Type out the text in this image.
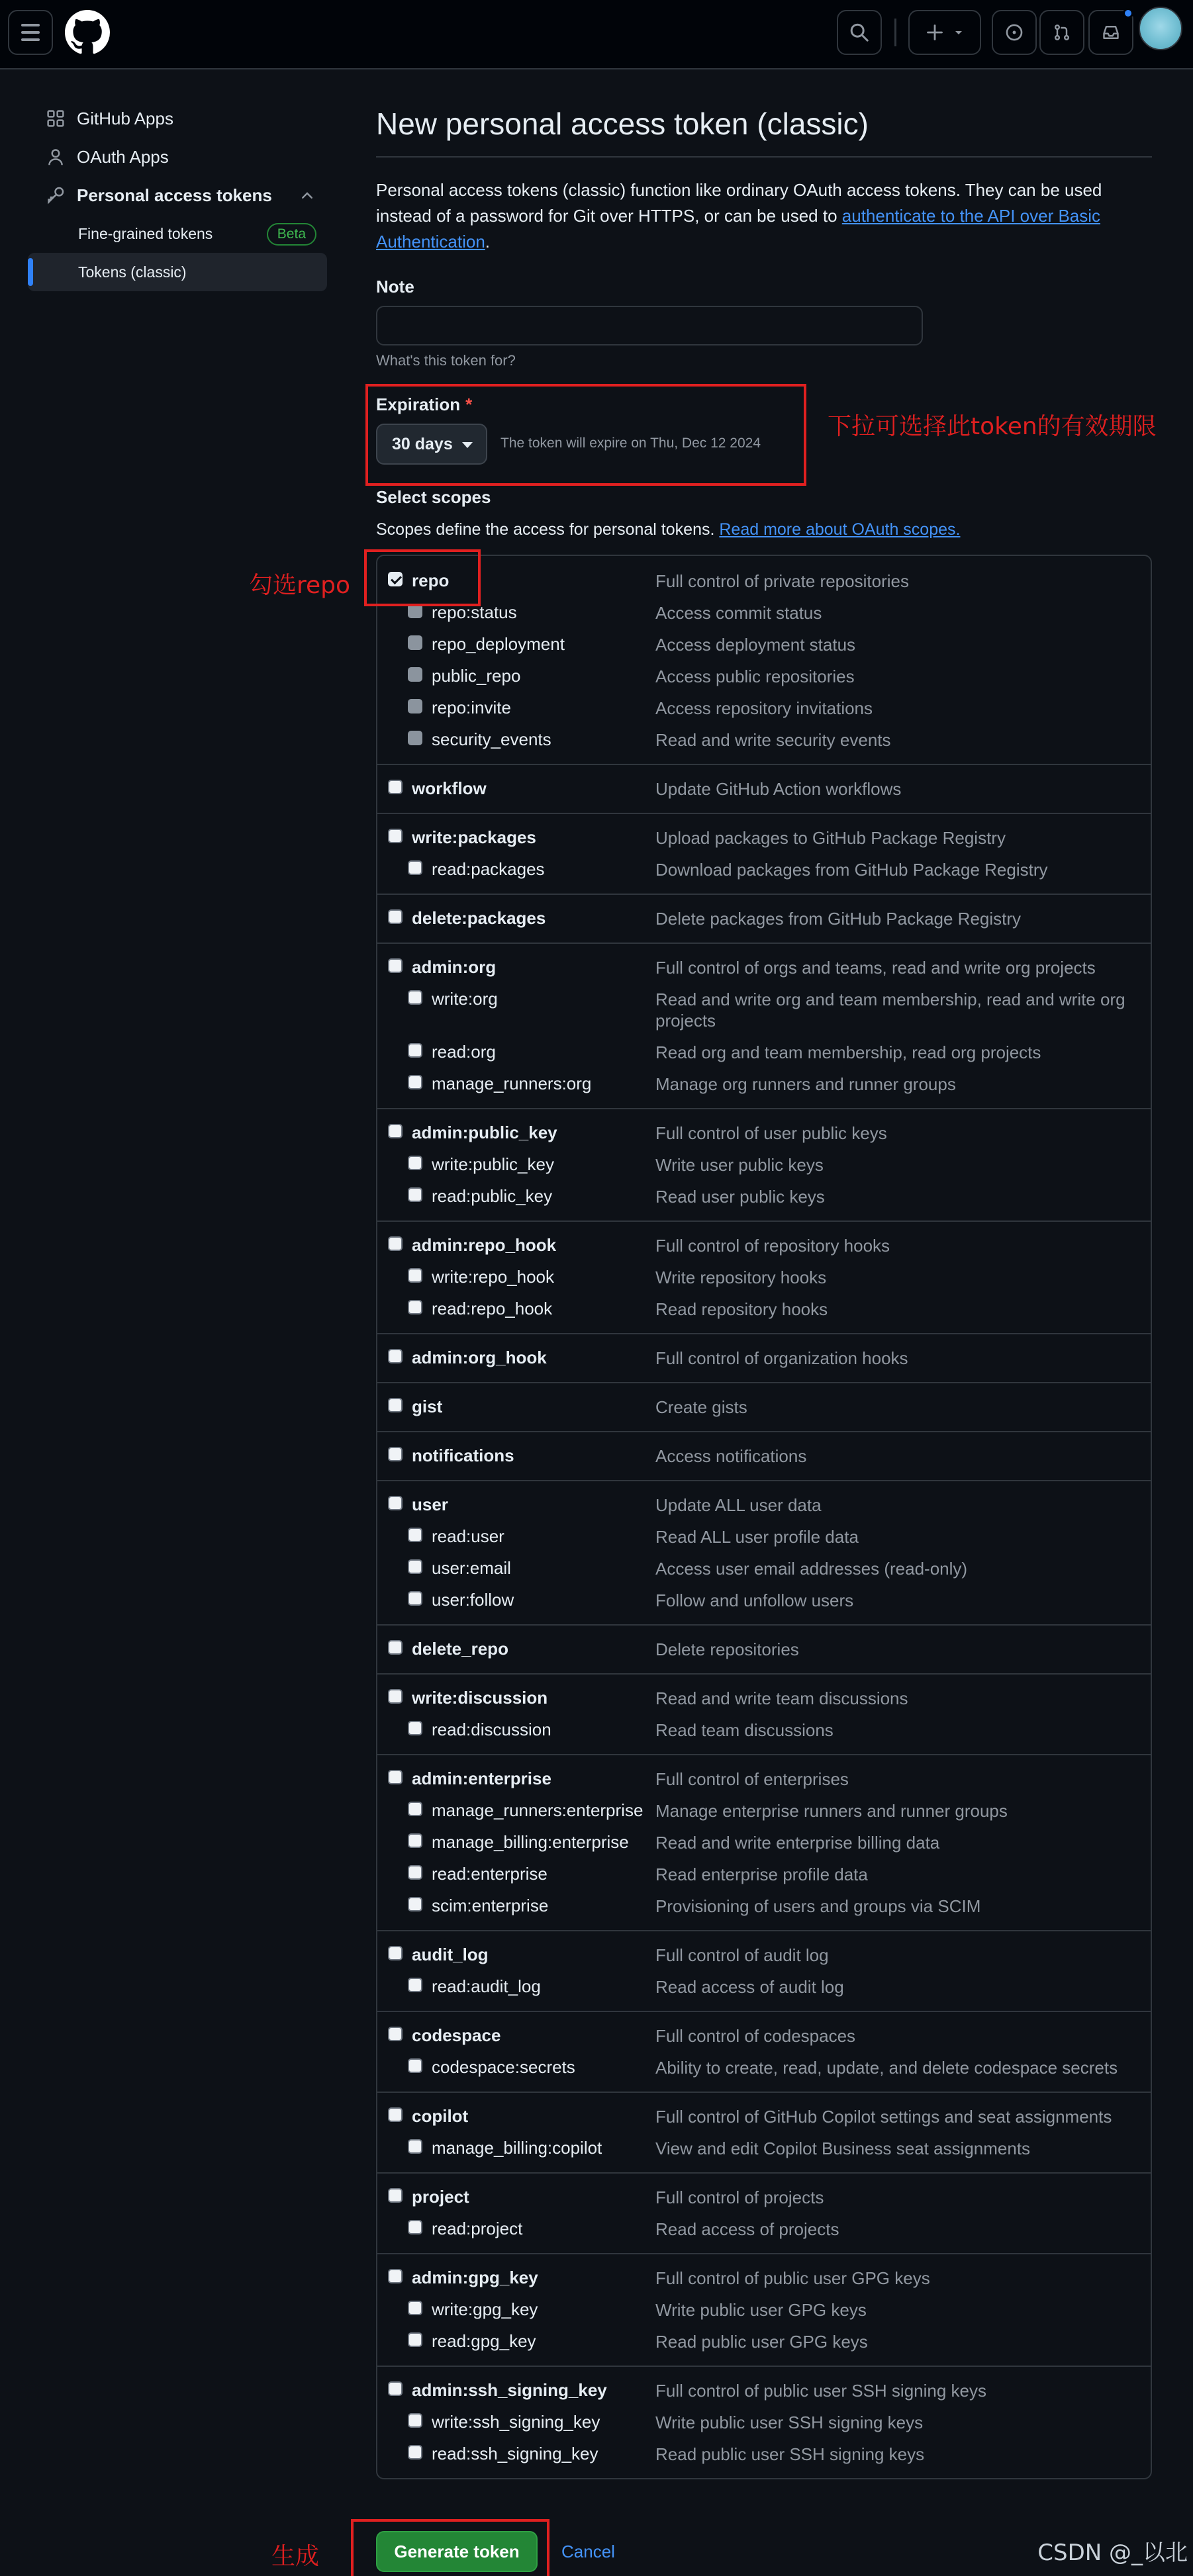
GitHub Apps
OAuth Apps
Personal access tokens
Fine-grained tokens	Beta
Tokens (classic)
New personal access token (classic)

Personal access tokens (classic) function like ordinary OAuth access tokens. They can be used instead of a password for Git over HTTPS, or can be used to authenticate to the API over Basic Authentication.

Note
What's this token for?
Expiration *
30 days	The token will expire on Thu, Dec 12 2024
Select scopes
Scopes define the access for personal tokens. Read more about OAuth scopes.
repo	Full control of private repositories
repo:status	Access commit status
repo_deployment	Access deployment status
public_repo	Access public repositories
repo:invite	Access repository invitations
security_events	Read and write security events
workflow	Update GitHub Action workflows
write:packages	Upload packages to GitHub Package Registry
read:packages	Download packages from GitHub Package Registry
delete:packages	Delete packages from GitHub Package Registry
admin:org	Full control of orgs and teams, read and write org projects
write:org	Read and write org and team membership, read and write org projects
read:org	Read org and team membership, read org projects
manage_runners:org	Manage org runners and runner groups
admin:public_key	Full control of user public keys
write:public_key	Write user public keys
read:public_key	Read user public keys
admin:repo_hook	Full control of repository hooks
write:repo_hook	Write repository hooks
read:repo_hook	Read repository hooks
admin:org_hook	Full control of organization hooks
gist	Create gists
notifications	Access notifications
user	Update ALL user data
read:user	Read ALL user profile data
user:email	Access user email addresses (read-only)
user:follow	Follow and unfollow users
delete_repo	Delete repositories
write:discussion	Read and write team discussions
read:discussion	Read team discussions
admin:enterprise	Full control of enterprises
manage_runners:enterprise Manage enterprise runners and runner groups
manage_billing:enterprise Read and write enterprise billing data
read:enterprise	Read enterprise profile data
scim:enterprise	Provisioning of users and groups via SCIM
audit_log	Full control of audit log
read:audit_log	Read access of audit log
codespace	Full control of codespaces
codespace:secrets	Ability to create, read, update, and delete codespace secrets
copilot	Full control of GitHub Copilot settings and seat assignments
manage_billing:copilot	View and edit Copilot Business seat assignments
project	Full control of projects
read:project	Read access of projects
admin:gpg_key	Full control of public user GPG keys
write:gpg_key	Write public user GPG keys
read:gpg_key	Read public user GPG keys
admin:ssh_signing_key	Full control of public user SSH signing keys
write:ssh_signing_key	Write public user SSH signing keys
read:ssh_signing_key	Read public user SSH signing keys
Generate token	Cancel
下拉可选择此token的有效期限
勾选repo
生成	CSDN @_以北
